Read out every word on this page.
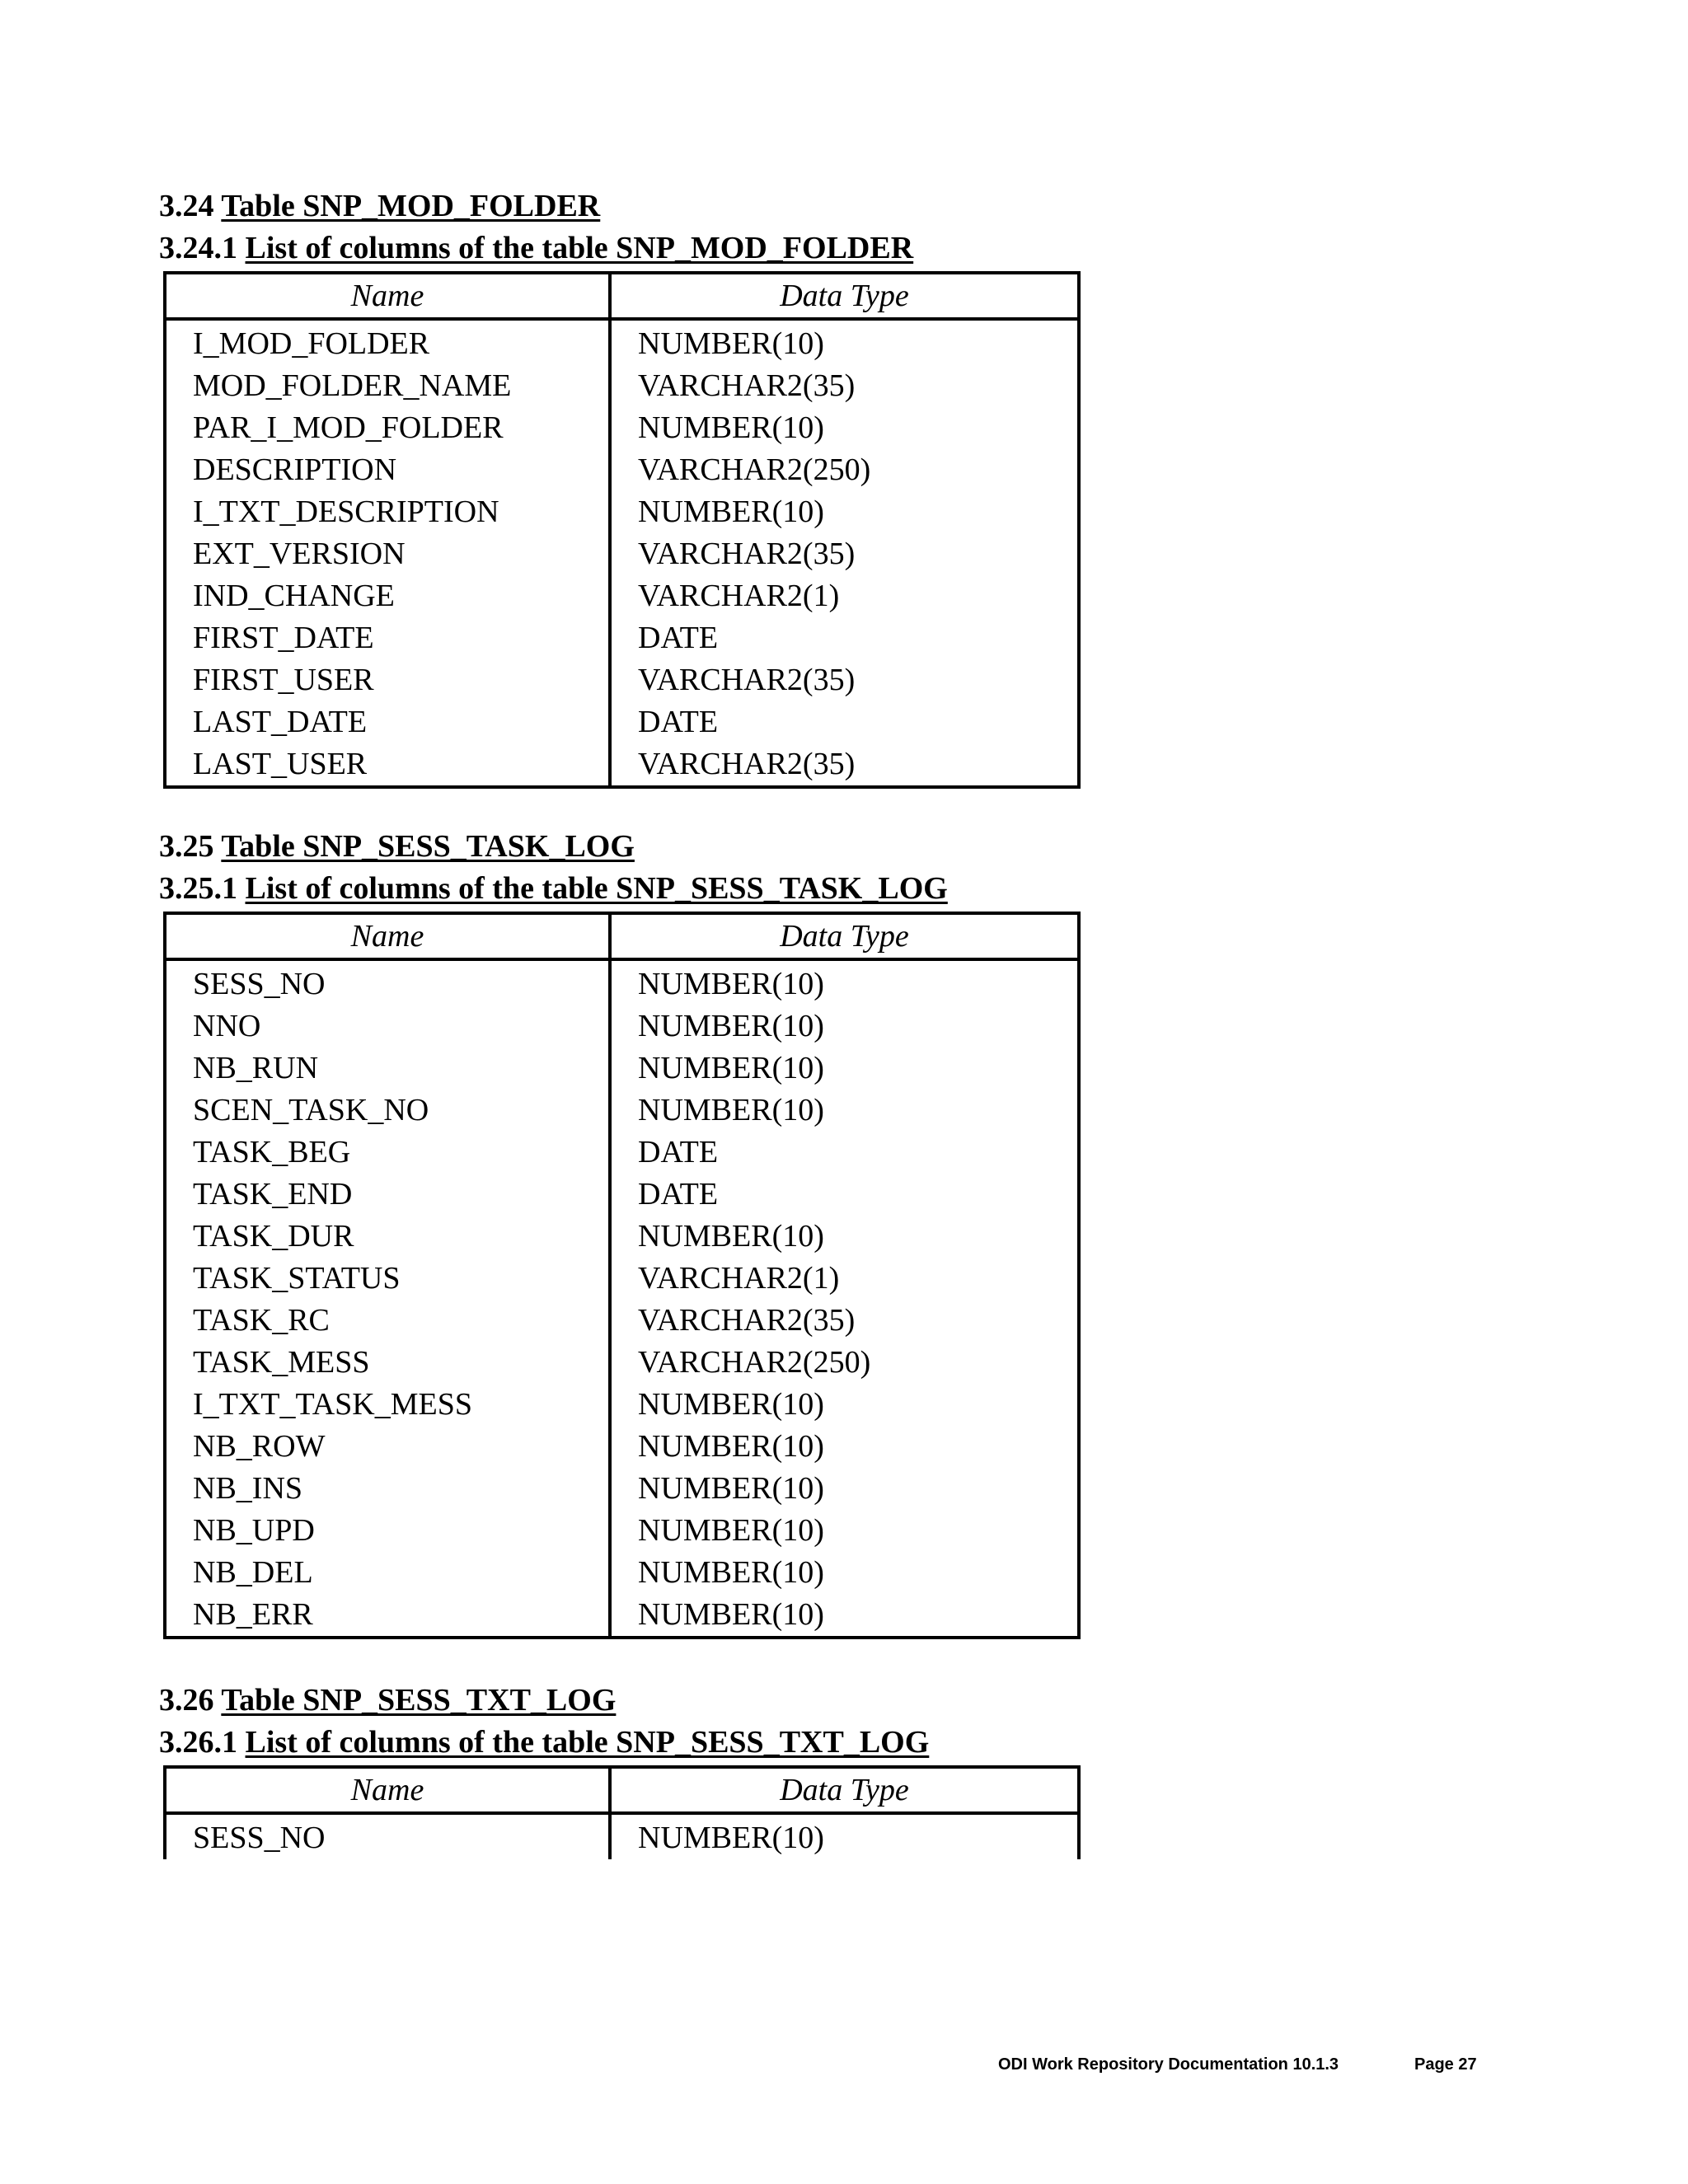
3.24 Table SNP_MOD_FOLDER
3.24.1 List of columns of the table SNP_MOD_FOLDER
Name	Data Type
I_MOD_FOLDER	NUMBER(10)
MOD_FOLDER_NAME	VARCHAR2(35)
PAR_I_MOD_FOLDER	NUMBER(10)
DESCRIPTION	VARCHAR2(250)
I_TXT_DESCRIPTION	NUMBER(10)
EXT_VERSION	VARCHAR2(35)
IND_CHANGE	VARCHAR2(1)
FIRST_DATE	DATE
FIRST_USER	VARCHAR2(35)
LAST_DATE	DATE
LAST_USER	VARCHAR2(35)
3.25 Table SNP_SESS_TASK_LOG
3.25.1 List of columns of the table SNP_SESS_TASK_LOG
Name	Data Type
SESS_NO	NUMBER(10)
NNO	NUMBER(10)
NB_RUN	NUMBER(10)
SCEN_TASK_NO	NUMBER(10)
TASK_BEG	DATE
TASK_END	DATE
TASK_DUR	NUMBER(10)
TASK_STATUS	VARCHAR2(1)
TASK_RC	VARCHAR2(35)
TASK_MESS	VARCHAR2(250)
I_TXT_TASK_MESS	NUMBER(10)
NB_ROW	NUMBER(10)
NB_INS	NUMBER(10)
NB_UPD	NUMBER(10)
NB_DEL	NUMBER(10)
NB_ERR	NUMBER(10)
3.26 Table SNP_SESS_TXT_LOG
3.26.1 List of columns of the table SNP_SESS_TXT_LOG
Name	Data Type
SESS_NO	NUMBER(10)
ODI Work Repository Documentation 10.1.3	Page 27
